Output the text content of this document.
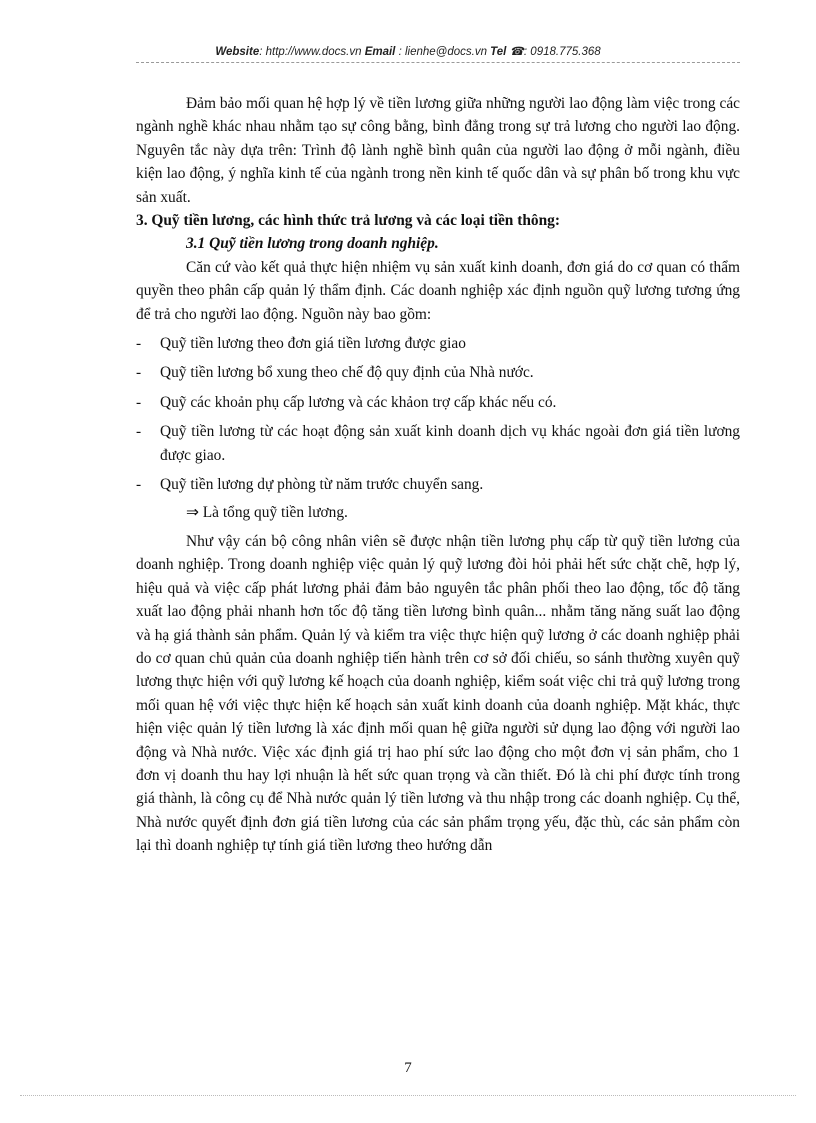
Website: http://www.docs.vn Email : lienhe@docs.vn Tel ☎: 0918.775.368

Đảm bảo mối quan hệ hợp lý về tiền lương giữa những người lao động làm việc trong các ngành nghề khác nhau nhằm tạo sự công bằng, bình đẳng trong sự trả lương cho người lao động. Nguyên tắc này dựa trên: Trình độ lành nghề bình quân của người lao động ở mỗi ngành, điều kiện lao động, ý nghĩa kinh tế của ngành trong nền kinh tế quốc dân và sự phân bố trong khu vực sản xuất.

3. Quỹ tiền lương, các hình thức trả lương và các loại tiền thông:

3.1 Quỹ tiền lương trong doanh nghiệp.

Căn cứ vào kết quả thực hiện nhiệm vụ sản xuất kinh doanh, đơn giá do cơ quan có thẩm quyền theo phân cấp quản lý thẩm định. Các doanh nghiệp xác định nguồn quỹ lương tương ứng để trả cho người lao động. Nguồn này bao gồm:

- Quỹ tiền lương theo đơn giá tiền lương được giao
- Quỹ tiền lương bổ xung theo chế độ quy định của Nhà nước.
- Quỹ các khoản phụ cấp lương và các khảon trợ cấp khác nếu có.
- Quỹ tiền lương từ các hoạt động sản xuất kinh doanh dịch vụ khác ngoài đơn giá tiền lương được giao.
- Quỹ tiền lương dự phòng từ năm trước chuyển sang.

⇒ Là tổng quỹ tiền lương.

Như vậy cán bộ công nhân viên sẽ được nhận tiền lương phụ cấp từ quỹ tiền lương của doanh nghiệp. Trong doanh nghiệp việc quản lý quỹ lương đòi hỏi phải hết sức chặt chẽ, hợp lý, hiệu quả và việc cấp phát lương phải đảm bảo nguyên tắc phân phối theo lao động, tốc độ tăng xuất lao động phải nhanh hơn tốc độ tăng tiền lương bình quân... nhằm tăng năng suất lao động và hạ giá thành sản phẩm. Quản lý và kiểm tra việc thực hiện quỹ lương ở các doanh nghiệp phải do cơ quan chủ quản của doanh nghiệp tiến hành trên cơ sở đối chiếu, so sánh thường xuyên quỹ lương thực hiện với quỹ lương kế hoạch của doanh nghiệp, kiểm soát việc chi trả quỹ lương trong mối quan hệ với việc thực hiện kế hoạch sản xuất kinh doanh của doanh nghiệp. Mặt khác, thực hiện việc quản lý tiền lương là xác định mối quan hệ giữa người sử dụng lao động với người lao động và Nhà nước. Việc xác định giá trị hao phí sức lao động cho một đơn vị sản phẩm, cho 1 đơn vị doanh thu hay lợi nhuận là hết sức quan trọng và cần thiết. Đó là chi phí được tính trong giá thành, là công cụ để Nhà nước quản lý tiền lương và thu nhập trong các doanh nghiệp. Cụ thể, Nhà nước quyết định đơn giá tiền lương của các sản phẩm trọng yếu, đặc thù, các sản phẩm còn lại thì doanh nghiệp tự tính giá tiền lương theo hướng dẫn

7
